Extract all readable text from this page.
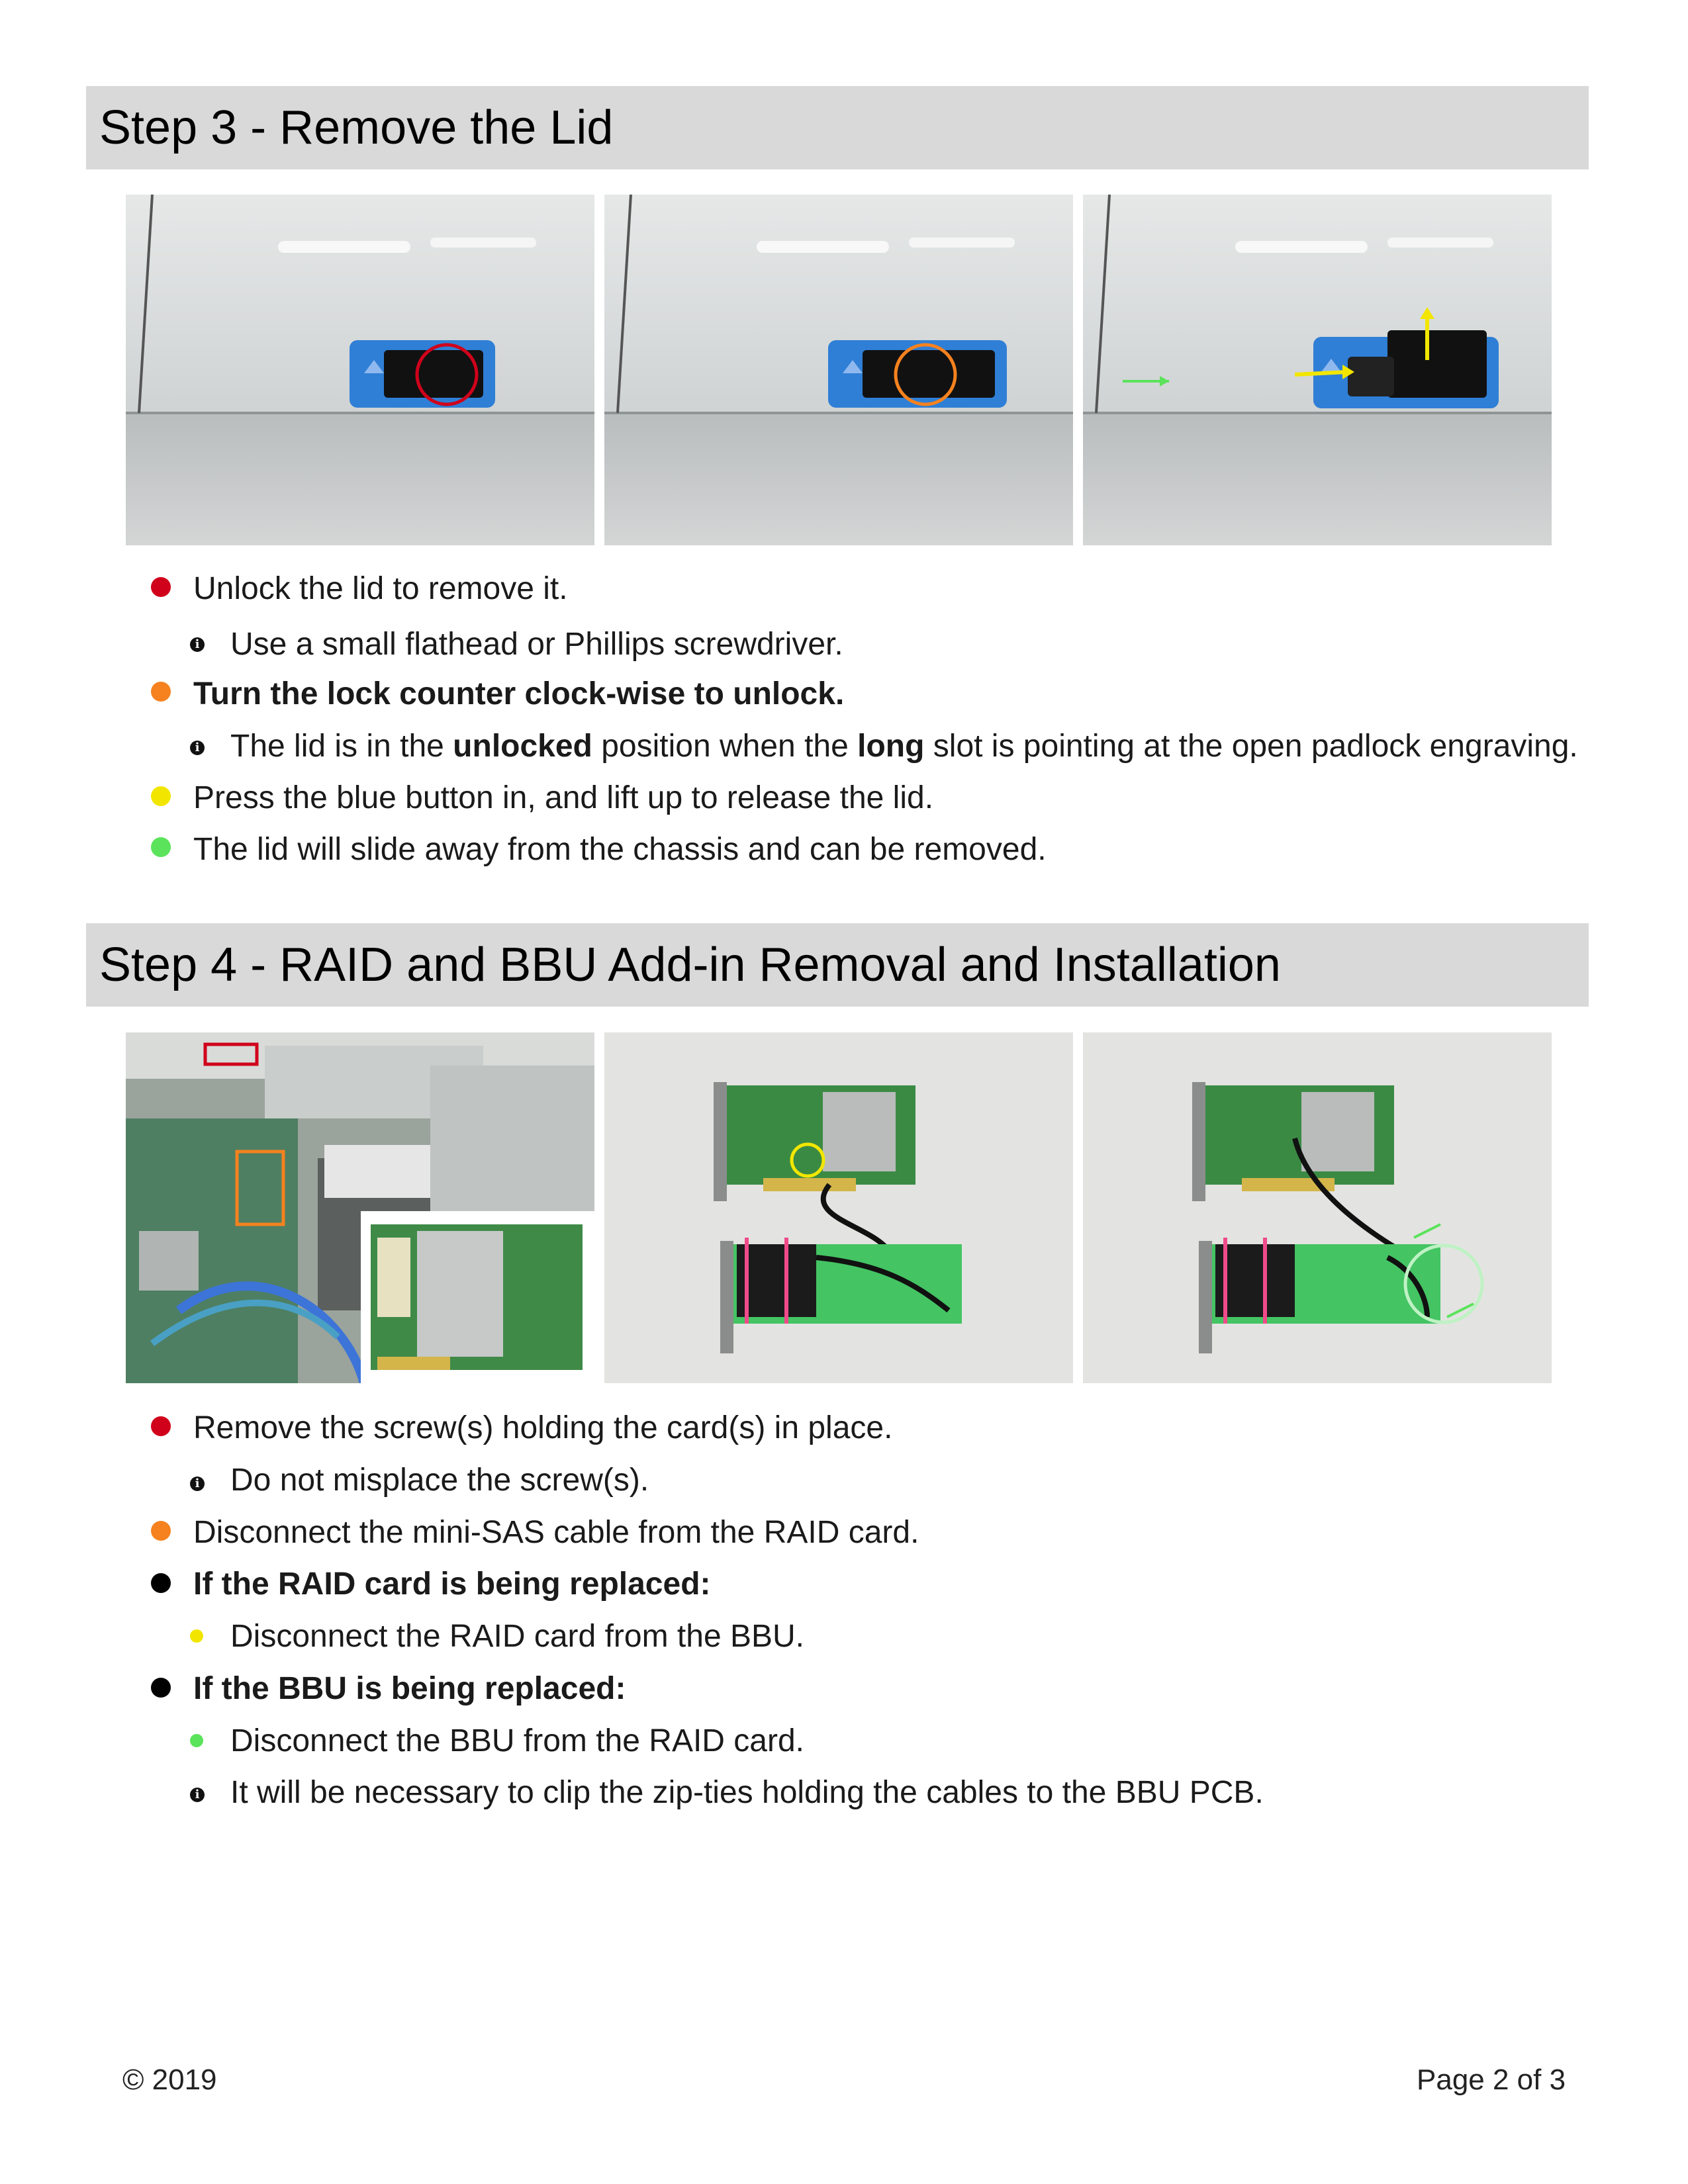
Step 3 - Remove the Lid
Unlock the lid to remove it.
i Use a small flathead or Phillips screwdriver.
Turn the lock counter clock-wise to unlock.
i The lid is in the unlocked position when the long slot is pointing at the open padlock engraving.
Press the blue button in, and lift up to release the lid.
The lid will slide away from the chassis and can be removed.
Step 4 - RAID and BBU Add-in Removal and Installation
Remove the screw(s) holding the card(s) in place.
i Do not misplace the screw(s).
Disconnect the mini-SAS cable from the RAID card.
If the RAID card is being replaced:
Disconnect the RAID card from the BBU.
If the BBU is being replaced:
Disconnect the BBU from the RAID card.
i It will be necessary to clip the zip-ties holding the cables to the BBU PCB.
© 2019	Page 2 of 3
